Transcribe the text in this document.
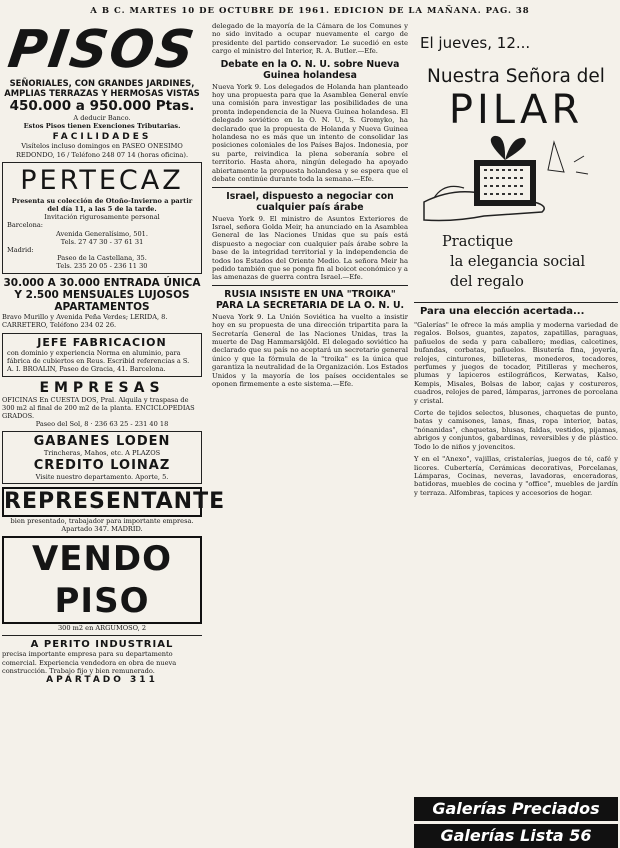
A B C. MARTES 10 DE OCTUBRE DE 1961. EDICION DE LA MAÑANA. PAG. 38
PISOS
SEÑORIALES, CON GRANDES JARDINES, AMPLIAS TERRAZAS Y HERMOSAS VISTAS
450.000 a 950.000 Ptas.
A deducir Banco.
Estos Pisos tienen Exenciones Tributarias.
FACILIDADES
Visítelos incluso domingos en PASEO ONESIMO REDONDO, 16 / Teléfono 248 07 14 (horas oficina).
PERTECAZ
Presenta su colección de Otoño-Invierno a partir del día 11, a las 5 de la tarde.
Invitación rigurosamente personal
Barcelona:
Avenida Generalísimo, 501.
Tels. 27 47 30 - 37 61 31
Madrid:
Paseo de la Castellana, 35.
Tels. 235 20 05 - 236 11 30
30.000 A 30.000 ENTRADA ÚNICA Y 2.500 MENSUALES LUJOSOS APARTAMENTOS
Bravo Murillo y Avenida Peña Verdes; LERIDA, 8. CARRETERO, Teléfono 234 02 26.
JEFE FABRICACION
con dominio y experiencia Norma en aluminio, para fábrica de cubiertos en Reus. Escribid referencias a S. A. I. BROALIN, Paseo de Gracia, 41. Barcelona.
EMPRESAS
OFICINAS En CUESTA DOS, Pral. Alquila y traspasa de 300 m2 al final de 200 m2 de la planta. ENCICLOPEDIAS GRADOS.
Paseo del Sol, 8 · 236 63 25 - 231 40 18
GABANES LODEN
Trincheras, Mahos, etc. A PLAZOS
CREDITO LOINAZ
Visite nuestro departamento. Aporte, 5.
REPRESENTANTE
bien presentado, trabajador para importante empresa. Apartado 347. MADRID.
VENDO PISO
300 m2 en ARGUMOSO, 2
A PERITO INDUSTRIAL
precisa importante empresa para su departamento comercial. Experiencia vendedora en obra de nueva construcción. Trabajo fijo y bien remunerado.
APARTADO 311

delegado de la mayoría de la Cámara de los Comunes y no sido invitado a ocupar nuevamente el cargo de presidente del partido conservador. Le sucedió en este cargo el ministro del Interior, R. A. Butler.—Efe.

Debate en la O. N. U. sobre Nueva Guinea holandesa

Nueva York 9. Los delegados de Holanda han planteado hoy una propuesta para que la Asamblea General envíe una comisión para investigar las posibilidades de una pronta independencia de la Nueva Guinea holandesa. El delegado soviético en la O. N. U., S. Gromyko, ha declarado que la propuesta de Holanda y Nueva Guinea holandesa no es más que un intento de consolidar las posiciones coloniales de los Países Bajos. Indonesia, por su parte, reivindica la plena soberanía sobre el territorio. Hasta ahora, ningún delegado ha apoyado abiertamente la propuesta holandesa y se espera que el debate continúe durante toda la semana.—Efe.

Israel, dispuesto a negociar con cualquier país árabe

Nueva York 9. El ministro de Asuntos Exteriores de Israel, señora Golda Meir, ha anunciado en la Asamblea General de las Naciones Unidas que su país está dispuesto a negociar con cualquier país árabe sobre la base de la integridad territorial y la independencia de todos los Estados del Oriente Medio. La señora Meir ha pedido también que se ponga fin al boicot económico y a las amenazas de guerra contra Israel.—Efe.

RUSIA INSISTE EN UNA "TROIKA" PARA LA SECRETARIA DE LA O. N. U.

Nueva York 9. La Unión Soviética ha vuelto a insistir hoy en su propuesta de una dirección tripartita para la Secretaría General de las Naciones Unidas, tras la muerte de Dag Hammarskjöld. El delegado soviético ha declarado que su país no aceptará un secretario general único y que la fórmula de la "troika" es la única que garantiza la neutralidad de la Organización. Los Estados Unidos y la mayoría de los países occidentales se oponen firmemente a este sistema.—Efe.

El jueves, 12...
Nuestra Señora del
PILAR
Practique
la elegancia social
del regalo
Para una elección acertada...

"Galerías" le ofrece la más amplia y moderna variedad de regalos. Bolsos, guantes, zapatos, zapatillas, paraguas, pañuelos de seda y para caballero; medias, calcetines, bufandas, corbatas, pañuelos. Bisutería fina, joyería, relojes, cinturones, billeteras, monederos, tocadores, perfumes y juegos de tocador, Pitilleras y mecheros, plumas y lapiceros estilográficos, Kerwatas, Kalso, Kempis, Misales, Bolsas de labor, cajas y costureros, cuadros, relojes de pared, lámparas, jarrones de porcelana y cristal.

Corte de tejidos selectos, blusones, chaquetas de punto, batas y camisones, lanas, finas, ropa interior, batas, "nónanidas", chaquetas, blusas, faldas, vestidos, pijamas, abrigos y conjuntos, gabardinas, reversibles y de plástico. Todo lo de niños y jovencitos.

Y en el "Anexo", vajillas, cristalerías, juegos de té, café y licores. Cubertería, Cerámicas decorativas, Porcelanas, Lámparas, Cocinas, neveras, lavadoras, enceradoras, batidoras, muebles de cocina y "office", muebles de jardín y terraza. Alfombras, tapices y accesorios de hogar.

Galerías Preciados
Galerías Lista 56
